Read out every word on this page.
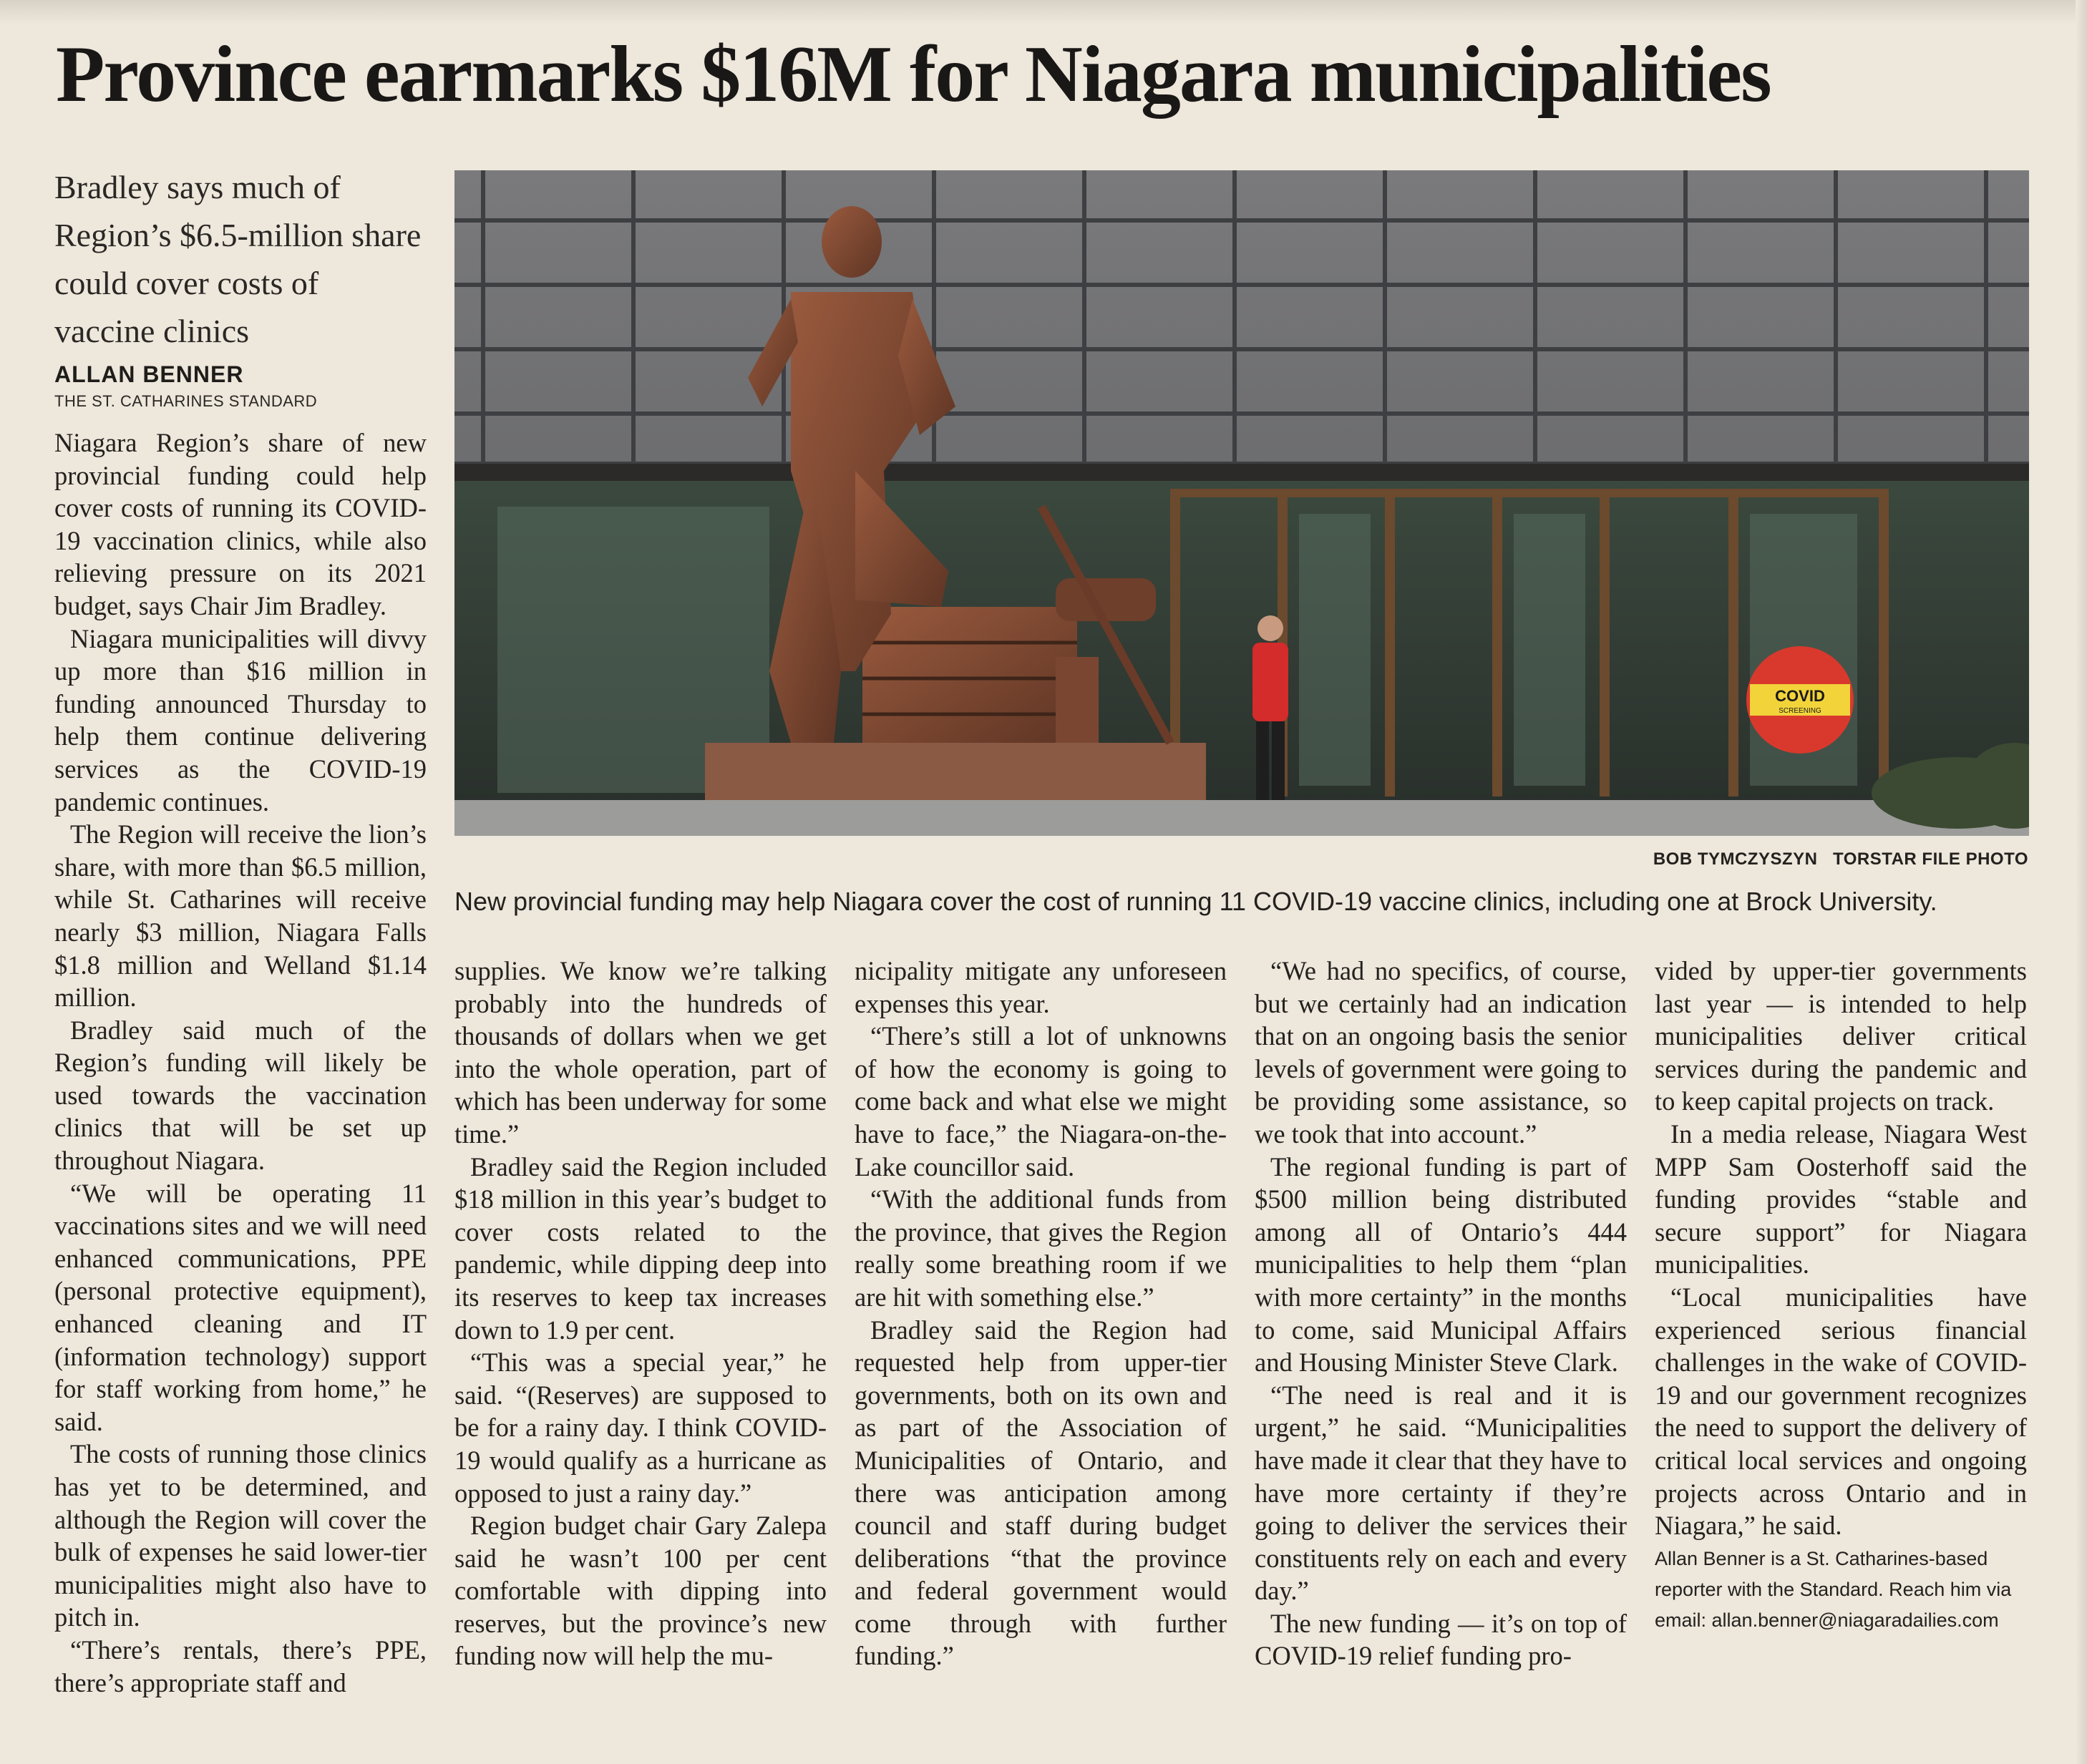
Province earmarks $16M for Niagara municipalities
Bradley says much of Region’s $6.5-million share could cover costs of vaccine clinics
ALLAN BENNER
THE ST. CATHARINES STANDARD
COVID
SCREENING
BOB TYMCZYSZYN   TORSTAR FILE PHOTO
New provincial funding may help Niagara cover the cost of running 11 COVID-19 vaccine clinics, including one at Brock University.

Niagara Region’s share of new provincial funding could help cover costs of running its COVID-19 vaccination clinics, while also relieving pressure on its 2021 budget, says Chair Jim Bradley.

Niagara municipalities will divvy up more than $16 million in funding announced Thursday to help them continue delivering services as the COVID-19 pandemic continues.

The Region will receive the lion’s share, with more than $6.5 million, while St. Catharines will receive nearly $3 million, Niagara Falls $1.8 million and Welland $1.14 million.

Bradley said much of the Region’s funding will likely be used towards the vaccination clinics that will be set up throughout Niagara.

“We will be operating 11 vaccinations sites and we will need enhanced communications, PPE (personal protective equipment), enhanced cleaning and IT (information technology) support for staff working from home,” he said.

The costs of running those clinics has yet to be determined, and although the Region will cover the bulk of expenses he said lower-tier municipalities might also have to pitch in.

“There’s rentals, there’s PPE, there’s appropriate staff and

supplies. We know we’re talking probably into the hundreds of thousands of dollars when we get into the whole operation, part of which has been underway for some time.”

Bradley said the Region included $18 million in this year’s budget to cover costs related to the pandemic, while dipping deep into its reserves to keep tax increases down to 1.9 per cent.

“This was a special year,” he said. “(Reserves) are supposed to be for a rainy day. I think COVID-19 would qualify as a hurricane as opposed to just a rainy day.”

Region budget chair Gary Zalepa said he wasn’t 100 per cent comfortable with dipping into reserves, but the province’s new funding now will help the mu-

nicipality mitigate any unforeseen expenses this year.

“There’s still a lot of unknowns of how the economy is going to come back and what else we might have to face,” the Niagara-on-the-Lake councillor said.

“With the additional funds from the province, that gives the Region really some breathing room if we are hit with something else.”

Bradley said the Region had requested help from upper-tier governments, both on its own and as part of the Association of Municipalities of Ontario, and there was anticipation among council and staff during budget deliberations “that the province and federal government would come through with further funding.”

“We had no specifics, of course, but we certainly had an indication that on an ongoing basis the senior levels of government were going to be providing some assistance, so we took that into account.”

The regional funding is part of $500 million being distributed among all of Ontario’s 444 municipalities to help them “plan with more certainty” in the months to come, said Municipal Affairs and Housing Minister Steve Clark.

“The need is real and it is urgent,” he said. “Municipalities have made it clear that they have to have more certainty if they’re going to deliver the services their constituents rely on each and every day.”

The new funding — it’s on top of COVID-19 relief funding pro-

vided by upper-tier governments last year — is intended to help municipalities deliver critical services during the pandemic and to keep capital projects on track.

In a media release, Niagara West MPP Sam Oosterhoff said the funding provides “stable and secure support” for Niagara municipalities.

“Local municipalities have experienced serious financial challenges in the wake of COVID-19 and our government recognizes the need to support the delivery of critical local services and ongoing projects across Ontario and in Niagara,” he said.

Allan Benner is a St. Catharines-based reporter with the Standard. Reach him via email: allan.benner@niagaradailies.com
